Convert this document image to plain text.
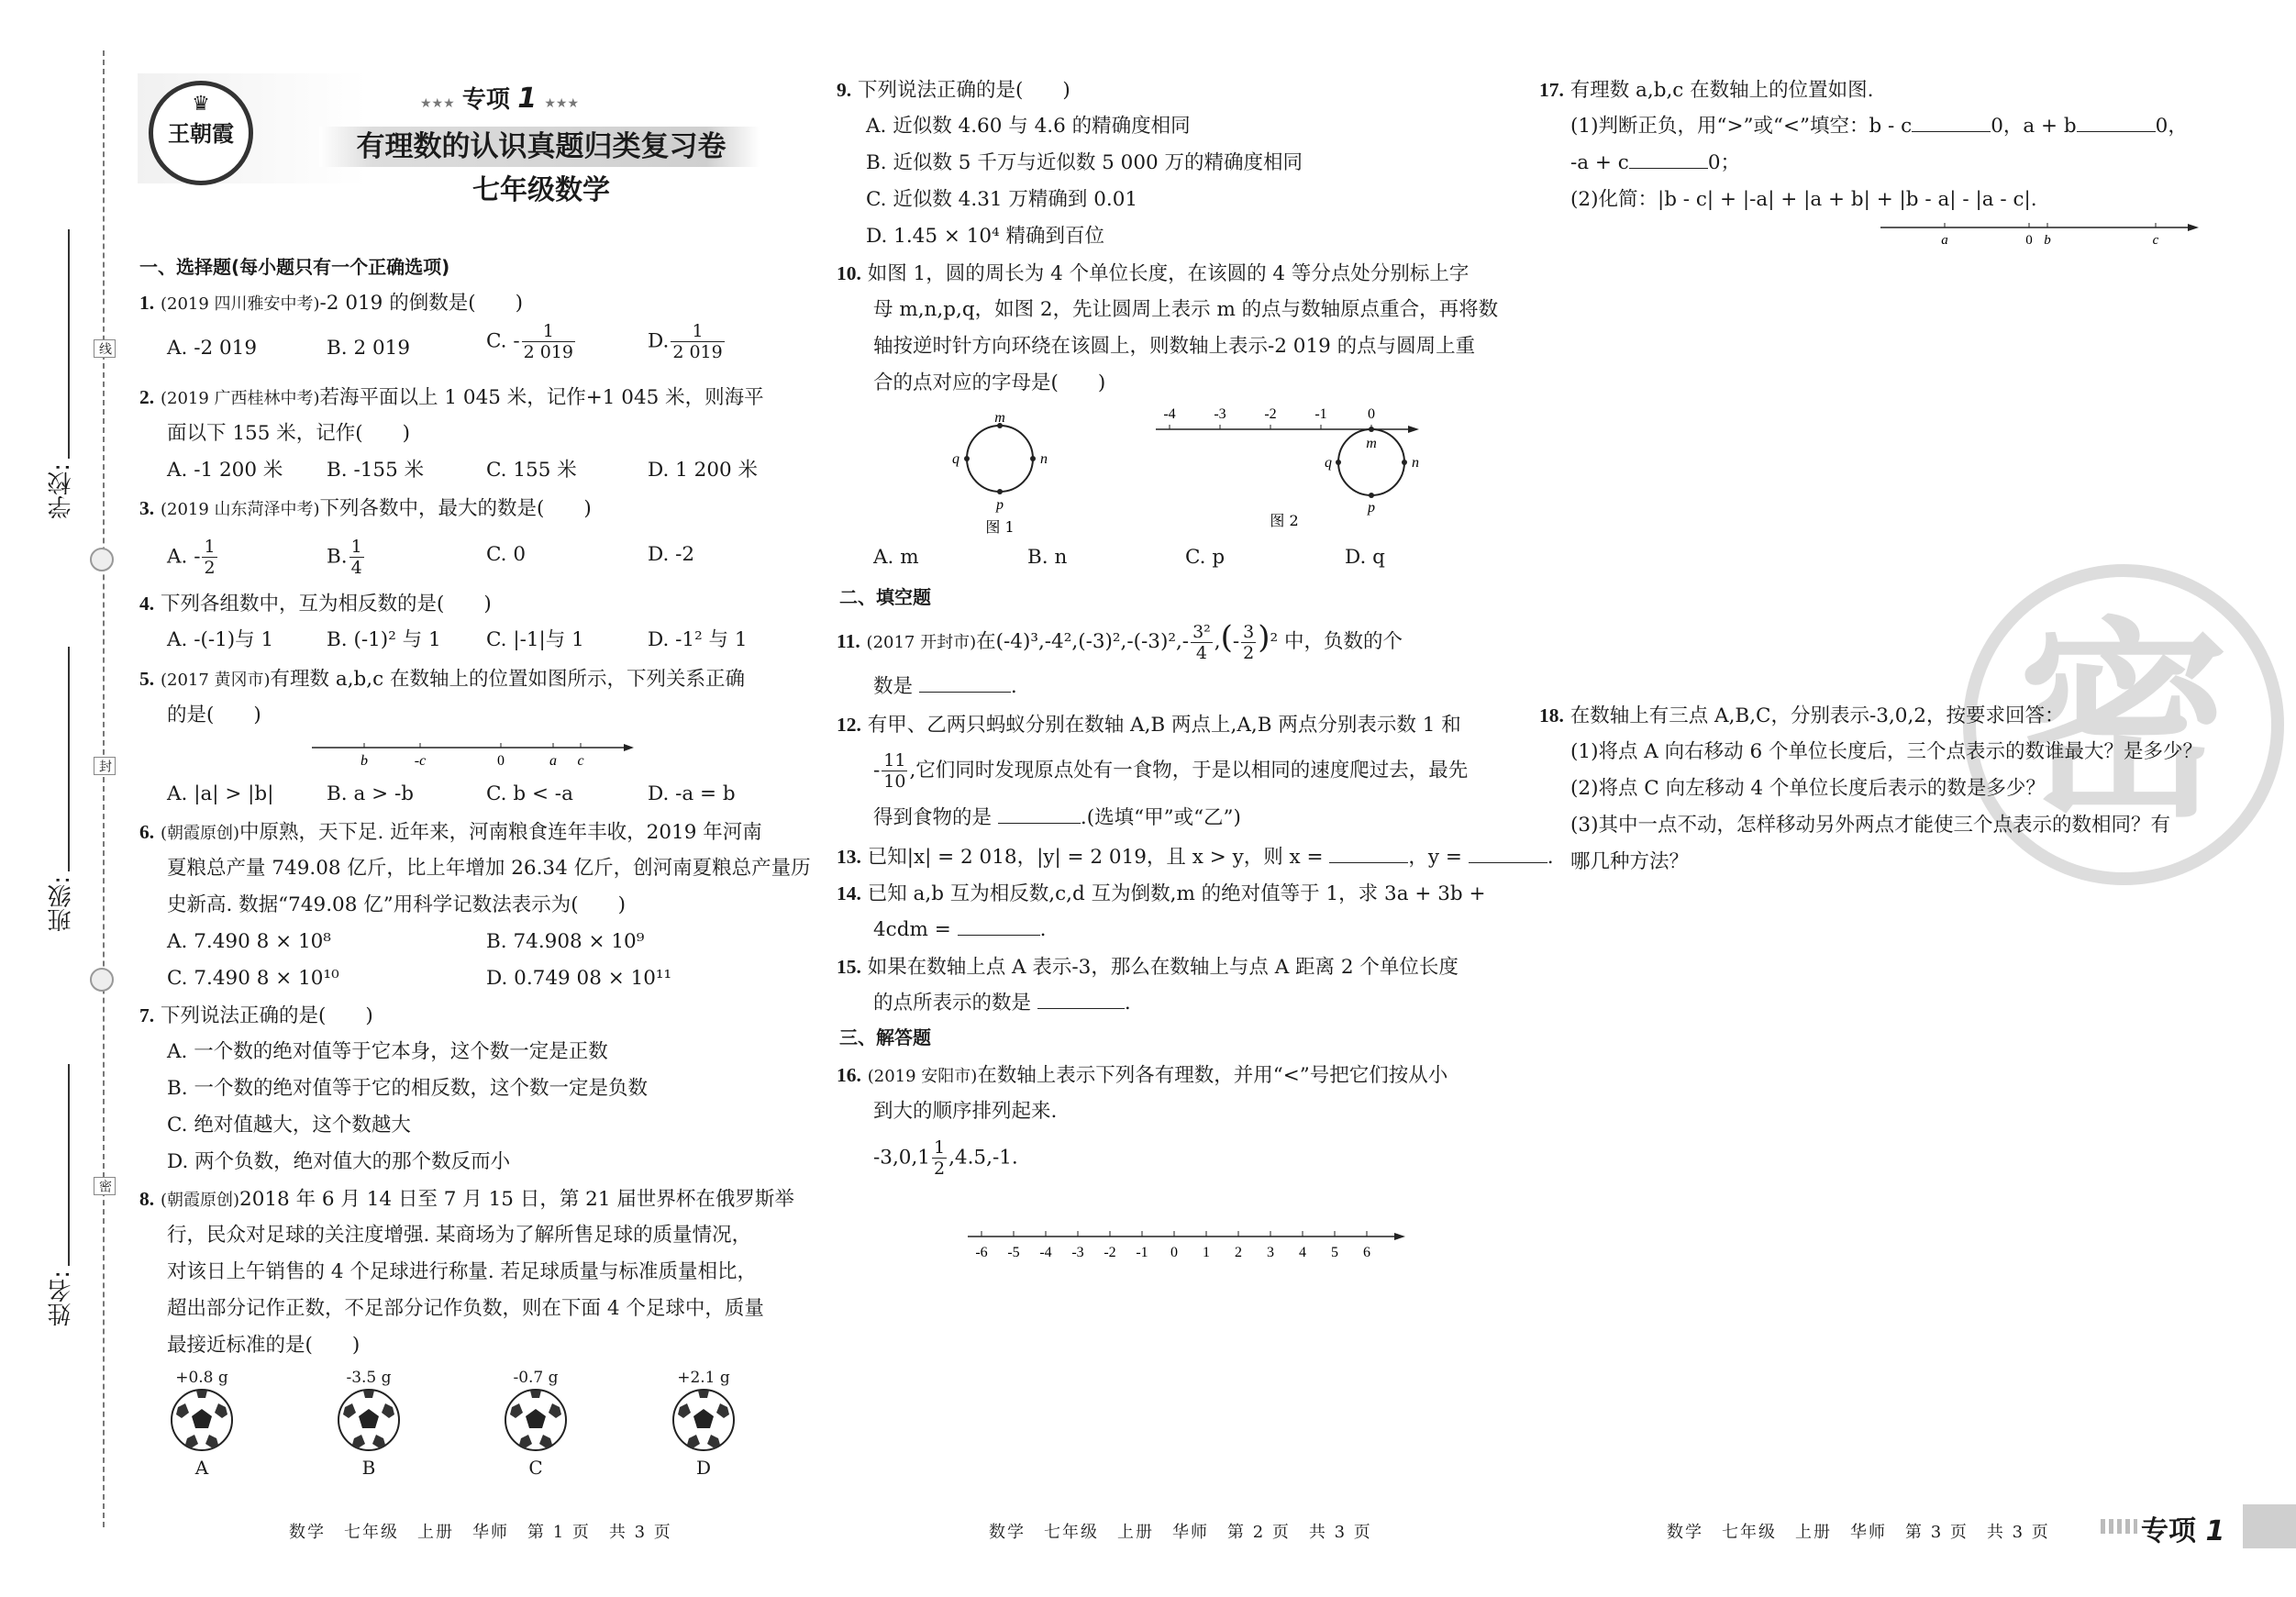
线
封
密
学校:
班级:
姓名:
♛
王朝霞
★★★ 专项 1 ★★★
有理数的认识真题归类复习卷
七年级数学
一、选择题(每小题只有一个正确选项)
1. (2019 四川雅安中考)-2 019 的倒数是(　　)
A. -2 019	B. 2 019	C. - $\frac{1}{2 019}$	D. $\frac{1}{2 019}$
2. (2019 广西桂林中考)若海平面以上 1 045 米，记作+1 045 米，则海平
面以下 155 米，记作(　　)
A. -1 200 米 B. -155 米	C. 155 米	D. 1 200 米
3. (2019 山东菏泽中考)下列各数中，最大的数是(　　)
A. - $\frac{1}{2}$	B. $\frac{1}{4}$	C. 0	D. -2
4. 下列各组数中，互为相反数的是(　　)
A. -(-1)与 1	B. (-1)² 与 1 C. |-1|与 1	D. -1² 与 1
5. (2017 黄冈市)有理数 a,b,c 在数轴上的位置如图所示，下列关系正确
的是(　　)
b	-c	0	a c
A. |a| > |b|	B. a > -b	C. b < -a	D. -a = b
6. (朝霞原创)中原熟，天下足. 近年来，河南粮食连年丰收，2019 年河南
夏粮总产量 749.08 亿斤，比上年增加 26.34 亿斤，创河南夏粮总产量历
史新高. 数据“749.08 亿”用科学记数法表示为(　　)
A. 7.490 8 × 10⁸	B. 74.908 × 10⁹
C. 7.490 8 × 10¹⁰	D. 0.749 08 × 10¹¹
7. 下列说法正确的是(　　)
A. 一个数的绝对值等于它本身，这个数一定是正数
B. 一个数的绝对值等于它的相反数，这个数一定是负数
C. 绝对值越大，这个数越大
D. 两个负数，绝对值大的那个数反而小
8. (朝霞原创)2018 年 6 月 14 日至 7 月 15 日，第 21 届世界杯在俄罗斯举
行，民众对足球的关注度增强. 某商场为了解所售足球的质量情况，
对该日上午销售的 4 个足球进行称量. 若足球质量与标准质量相比，
超出部分记作正数，不足部分记作负数，则在下面 4 个足球中，质量
最接近标准的是(　　)
+0.8 g
A
-3.5 g
B
-0.7 g
C
+2.1 g
D
数学　七年级　上册　华师　第 1 页　共 3 页
9. 下列说法正确的是(　　)
A. 近似数 4.60 与 4.6 的精确度相同
B. 近似数 5 千万与近似数 5 000 万的精确度相同
C. 近似数 4.31 万精确到 0.01
D. 1.45 × 10⁴ 精确到百位
10. 如图 1，圆的周长为 4 个单位长度，在该圆的 4 等分点处分别标上字
母 m,n,p,q，如图 2，先让圆周上表示 m 的点与数轴原点重合，再将数
轴按逆时针方向环绕在该圆上，则数轴上表示-2 019 的点与圆周上重
合的点对应的字母是(　　)
m
n
p
q
图 1
-4	-3	-2	-1	0
m
n
p
q
图 2
A. m	B. n	C. p	D. q
二、填空题
11. (2017 开封市)在$(-4)^3,-4^2,(-3)^2,-(-3)^2,- \frac{\text{3²}}{4}$ ,(- $\frac{3}{2} )^2$ 中，负数的个
数是	.
12. 有甲、乙两只蚂蚁分别在数轴 A,B 两点上,A,B 两点分别表示数 1 和
- $\frac{11}{10}$ ,它们同时发现原点处有一食物，于是以相同的速度爬过去，最先
得到食物的是	.(选填“甲”或“乙”)
13. 已知|x| = 2 018，|y| = 2 019，且 x > y，则 x =	，y =	.
14. 已知 a,b 互为相反数,c,d 互为倒数,m 的绝对值等于 1，求 3a + 3b +
4cdm =	.
15. 如果在数轴上点 A 表示-3，那么在数轴上与点 A 距离 2 个单位长度
的点所表示的数是	.
三、解答题
16. (2019 安阳市)在数轴上表示下列各有理数，并用“<”号把它们按从小
到大的顺序排列起来.
$-3,0,1 \frac{1}{2} ,4.5,-1$.
-6 -5 -4 -3 -2 -1 0 1 2 3 4 5 6
数学　七年级　上册　华师　第 2 页　共 3 页
17. 有理数 a,b,c 在数轴上的位置如图.
(1)判断正负，用“>”或“<”填空：b - c	0，a + b	0，
-a + c	0；
(2)化简：|b - c| + |-a| + |a + b| + |b - a| - |a - c|.
a	0 b	c
密
18. 在数轴上有三点 A,B,C，分别表示-3,0,2，按要求回答：
(1)将点 A 向右移动 6 个单位长度后，三个点表示的数谁最大？是多少？
(2)将点 C 向左移动 4 个单位长度后表示的数是多少？
(3)其中一点不动，怎样移动另外两点才能使三个点表示的数相同？有
哪几种方法？
数学　七年级　上册　华师　第 3 页　共 3 页	专项 1
